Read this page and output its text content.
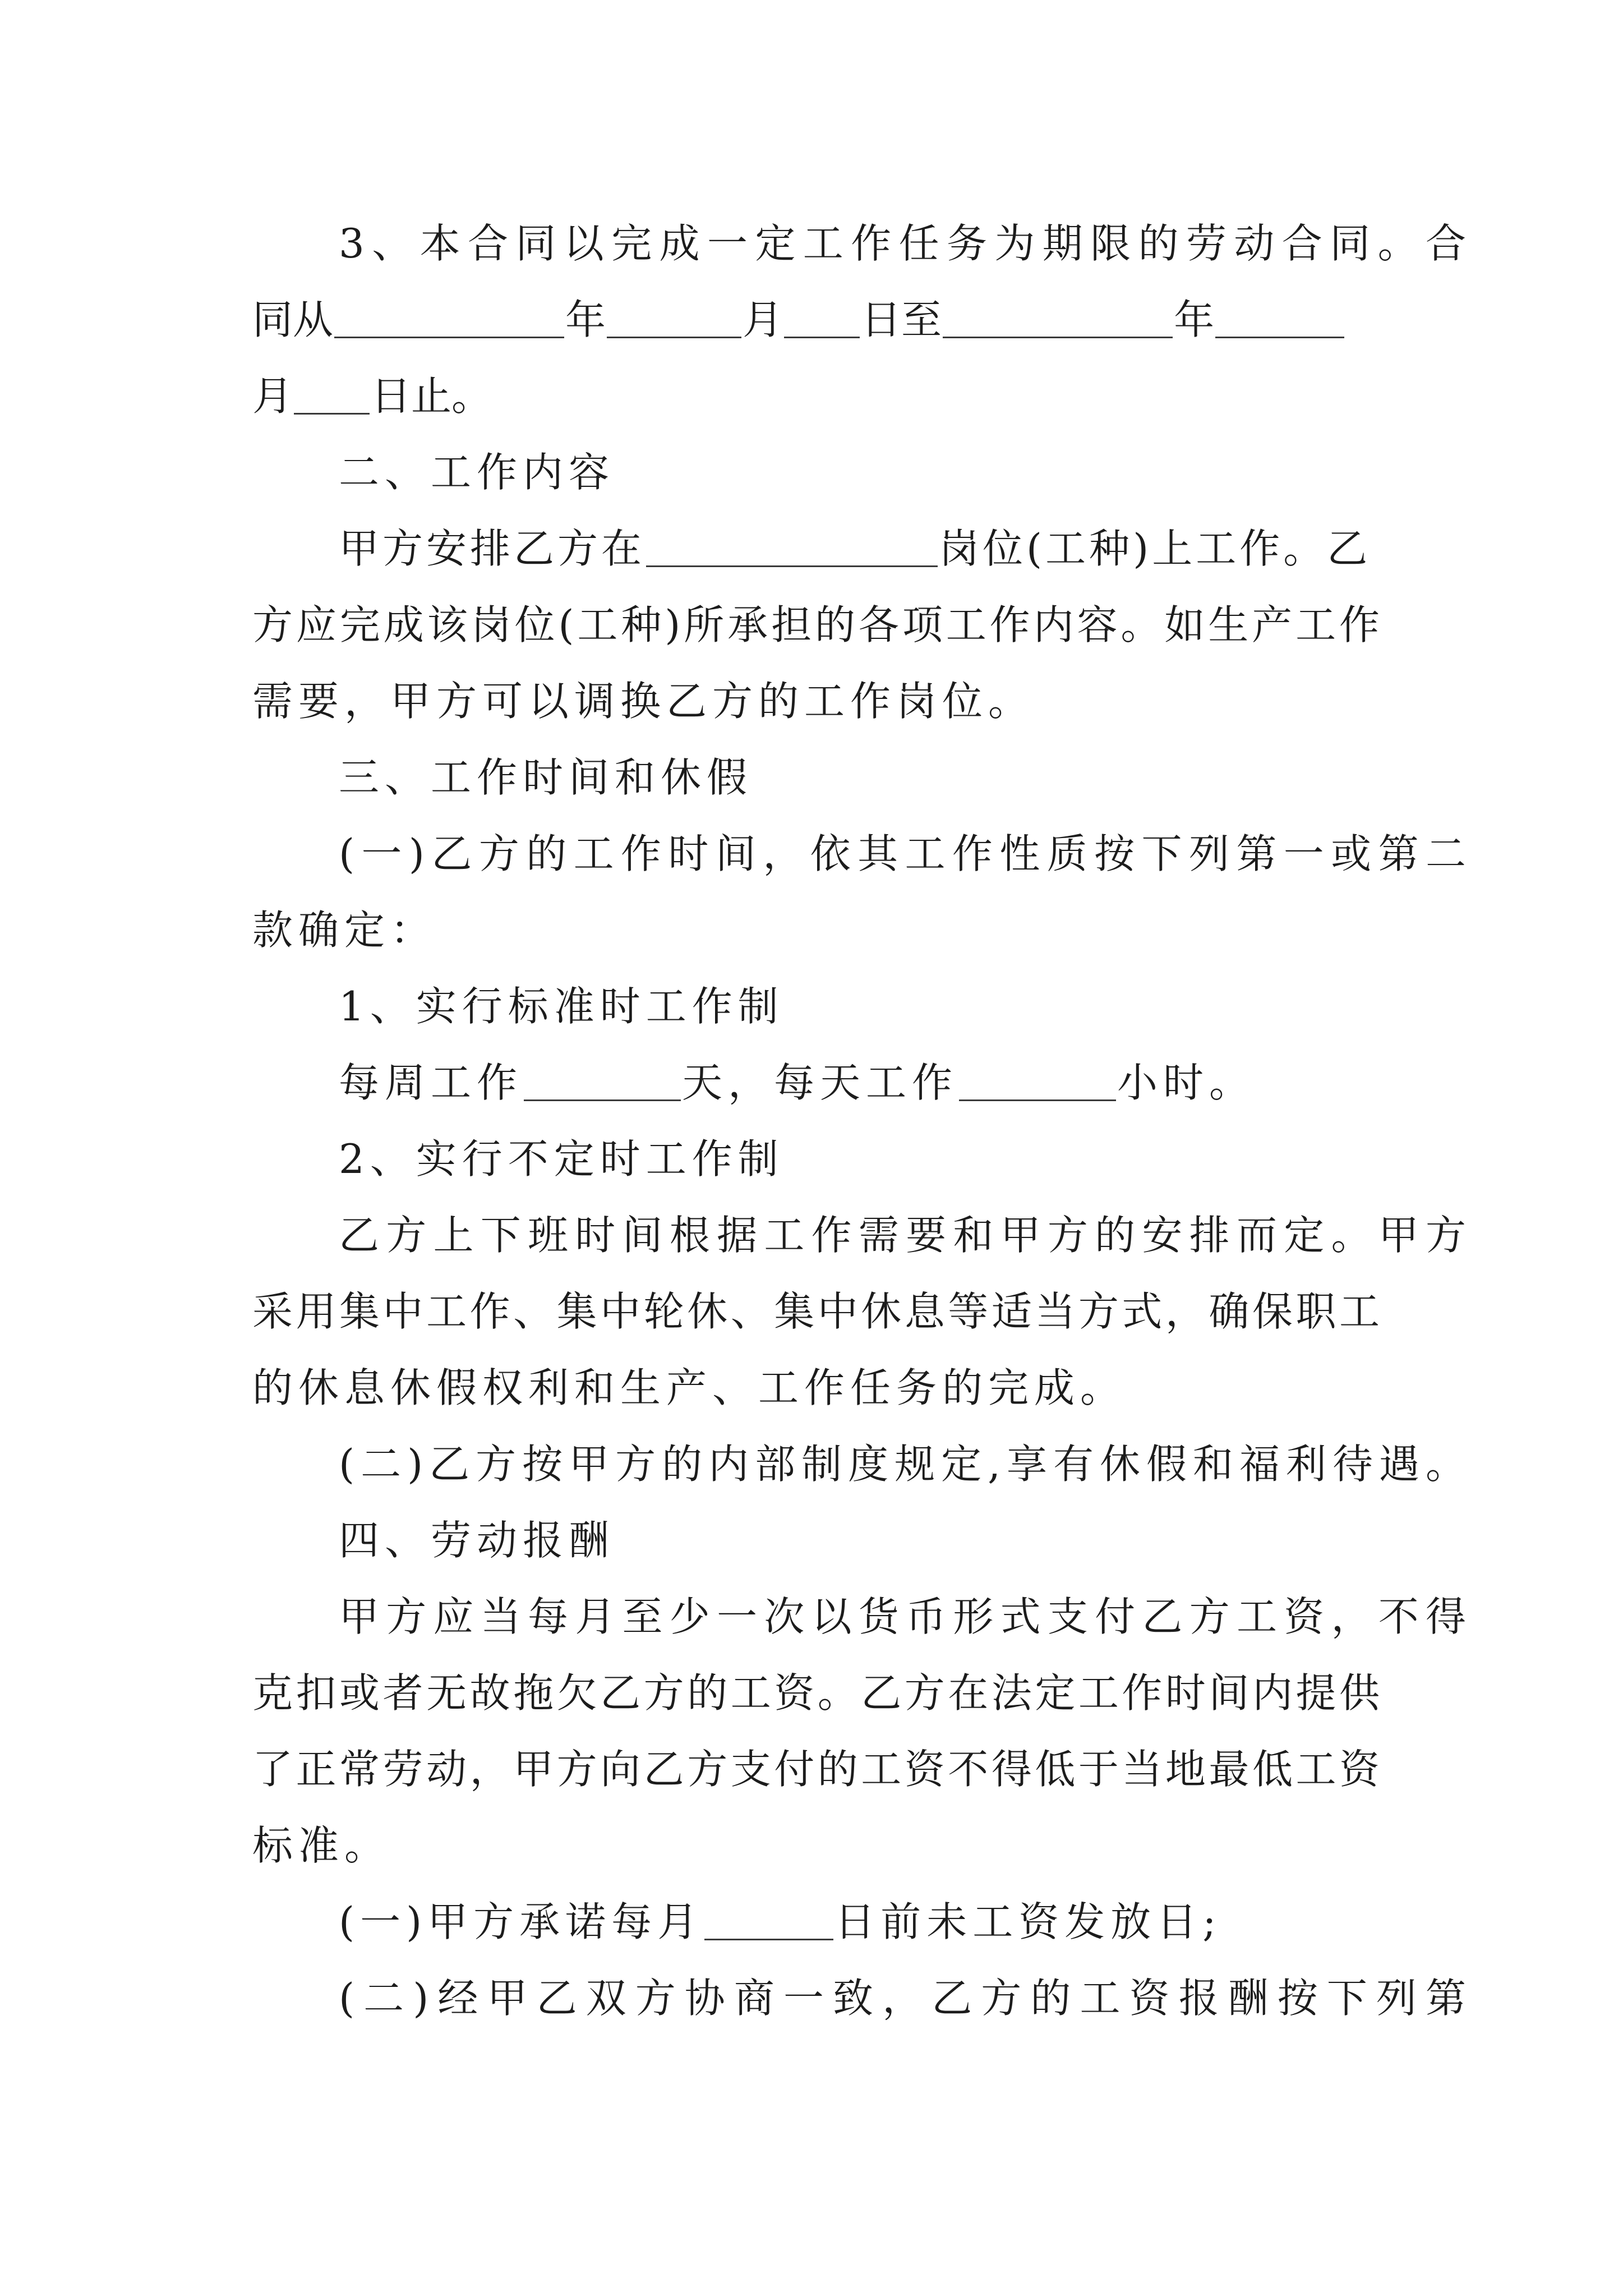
3、本合同以完成一定工作任务为期限的劳动合同。合
同从	年	月 日至	年
月 日止。
二、工作内容
甲方安排乙方在	岗位(工种)上工作。乙
方应完成该岗位(工种)所承担的各项工作内容。如生产工作
需要，甲方可以调换乙方的工作岗位。
三、工作时间和休假
(一)乙方的工作时间，依其工作性质按下列第一或第二
款确定：
1、实行标准时工作制
每周工作	天，每天工作	小时。
2、实行不定时工作制
乙方上下班时间根据工作需要和甲方的安排而定。甲方
采用集中工作、集中轮休、集中休息等适当方式，确保职工
的休息休假权利和生产、工作任务的完成。
(二)乙方按甲方的内部制度规定,享有休假和福利待遇。
四、劳动报酬
甲方应当每月至少一次以货币形式支付乙方工资，不得
克扣或者无故拖欠乙方的工资。乙方在法定工作时间内提供
了正常劳动，甲方向乙方支付的工资不得低于当地最低工资
标准。
(一)甲方承诺每月	日前未工资发放日;
(二)经甲乙双方协商一致，乙方的工资报酬按下列第
